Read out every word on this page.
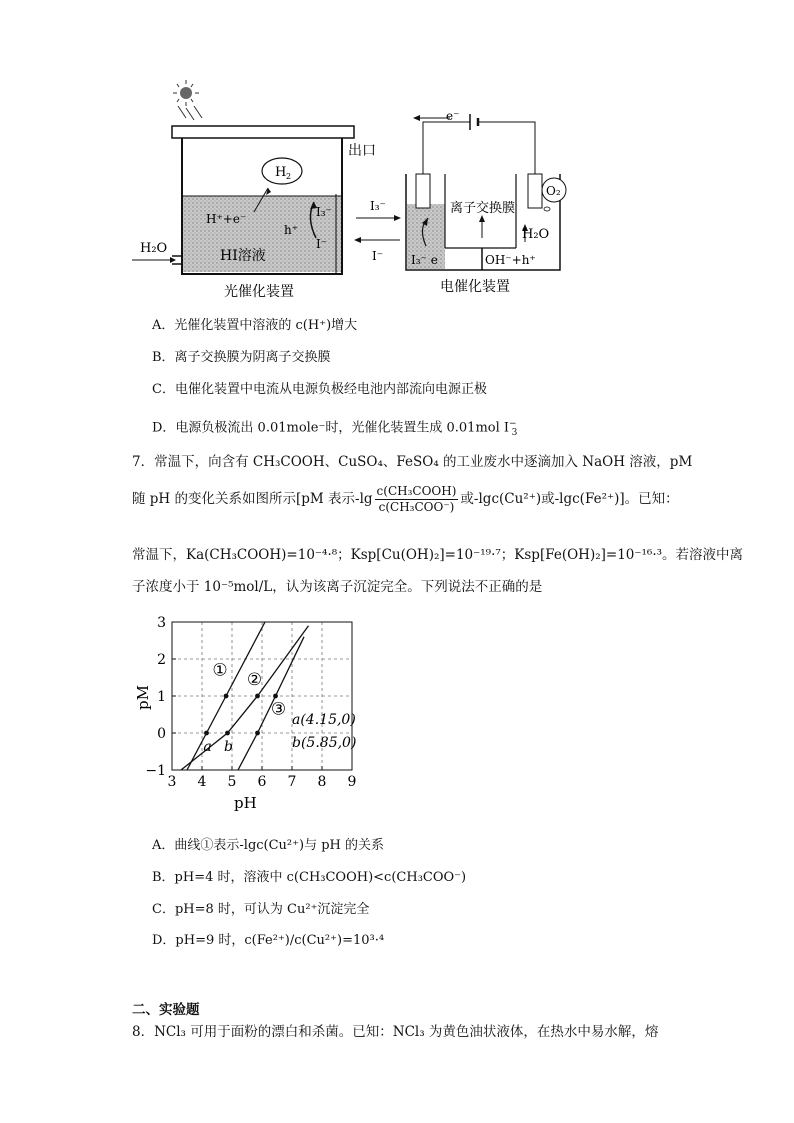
H 2
出口
H⁺+e⁻
h⁺
I₃⁻
I⁻
HI溶液
H₂O
I₃⁻
I⁻
e⁻
离子交换膜
O₂
H₂O
I₃⁻ e	OH⁻+h⁺
光催化装置	电催化装置
A．光催化装置中溶液的 c(H⁺)增大
B．离子交换膜为阴离子交换膜
C．电催化装置中电流从电源负极经电池内部流向电源正极
D．电源负极流出 0.01mole⁻时，光催化装置生成 0.01mol $I^-_3$
7．常温下，向含有 CH₃COOH、CuSO₄、FeSO₄ 的工业废水中逐滴加入 NaOH 溶液，pM
随 pH 的变化关系如图所示[pM 表示$-\lg \frac{\text{c(CH₃COOH)}}{\text{c(CH₃COO⁻)}}$ 或-lgc(Cu²⁺)或-lgc(Fe²⁺)]。已知：
常温下，Ka(CH₃COOH)=10⁻⁴·⁸；Ksp[Cu(OH)₂]=10⁻¹⁹·⁷；Ksp[Fe(OH)₂]=10⁻¹⁶·³。若溶液中离
子浓度小于 10⁻⁵mol/L，认为该离子沉淀完全。下列说法不正确的是
3 4 5 6 7 8 9
−1
0
1
2
3
pH
pM
① ②
③
a b
a(4.15,0)
b(5.85,0)
A．曲线①表示-lgc(Cu²⁺)与 pH 的关系
B．pH=4 时，溶液中 c(CH₃COOH)<c(CH₃COO⁻)
C．pH=8 时，可认为 Cu²⁺沉淀完全
D．pH=9 时，c(Fe²⁺)/c(Cu²⁺)=10³·⁴
二、实验题
8．NCl₃ 可用于面粉的漂白和杀菌。已知：NCl₃ 为黄色油状液体，在热水中易水解，熔
